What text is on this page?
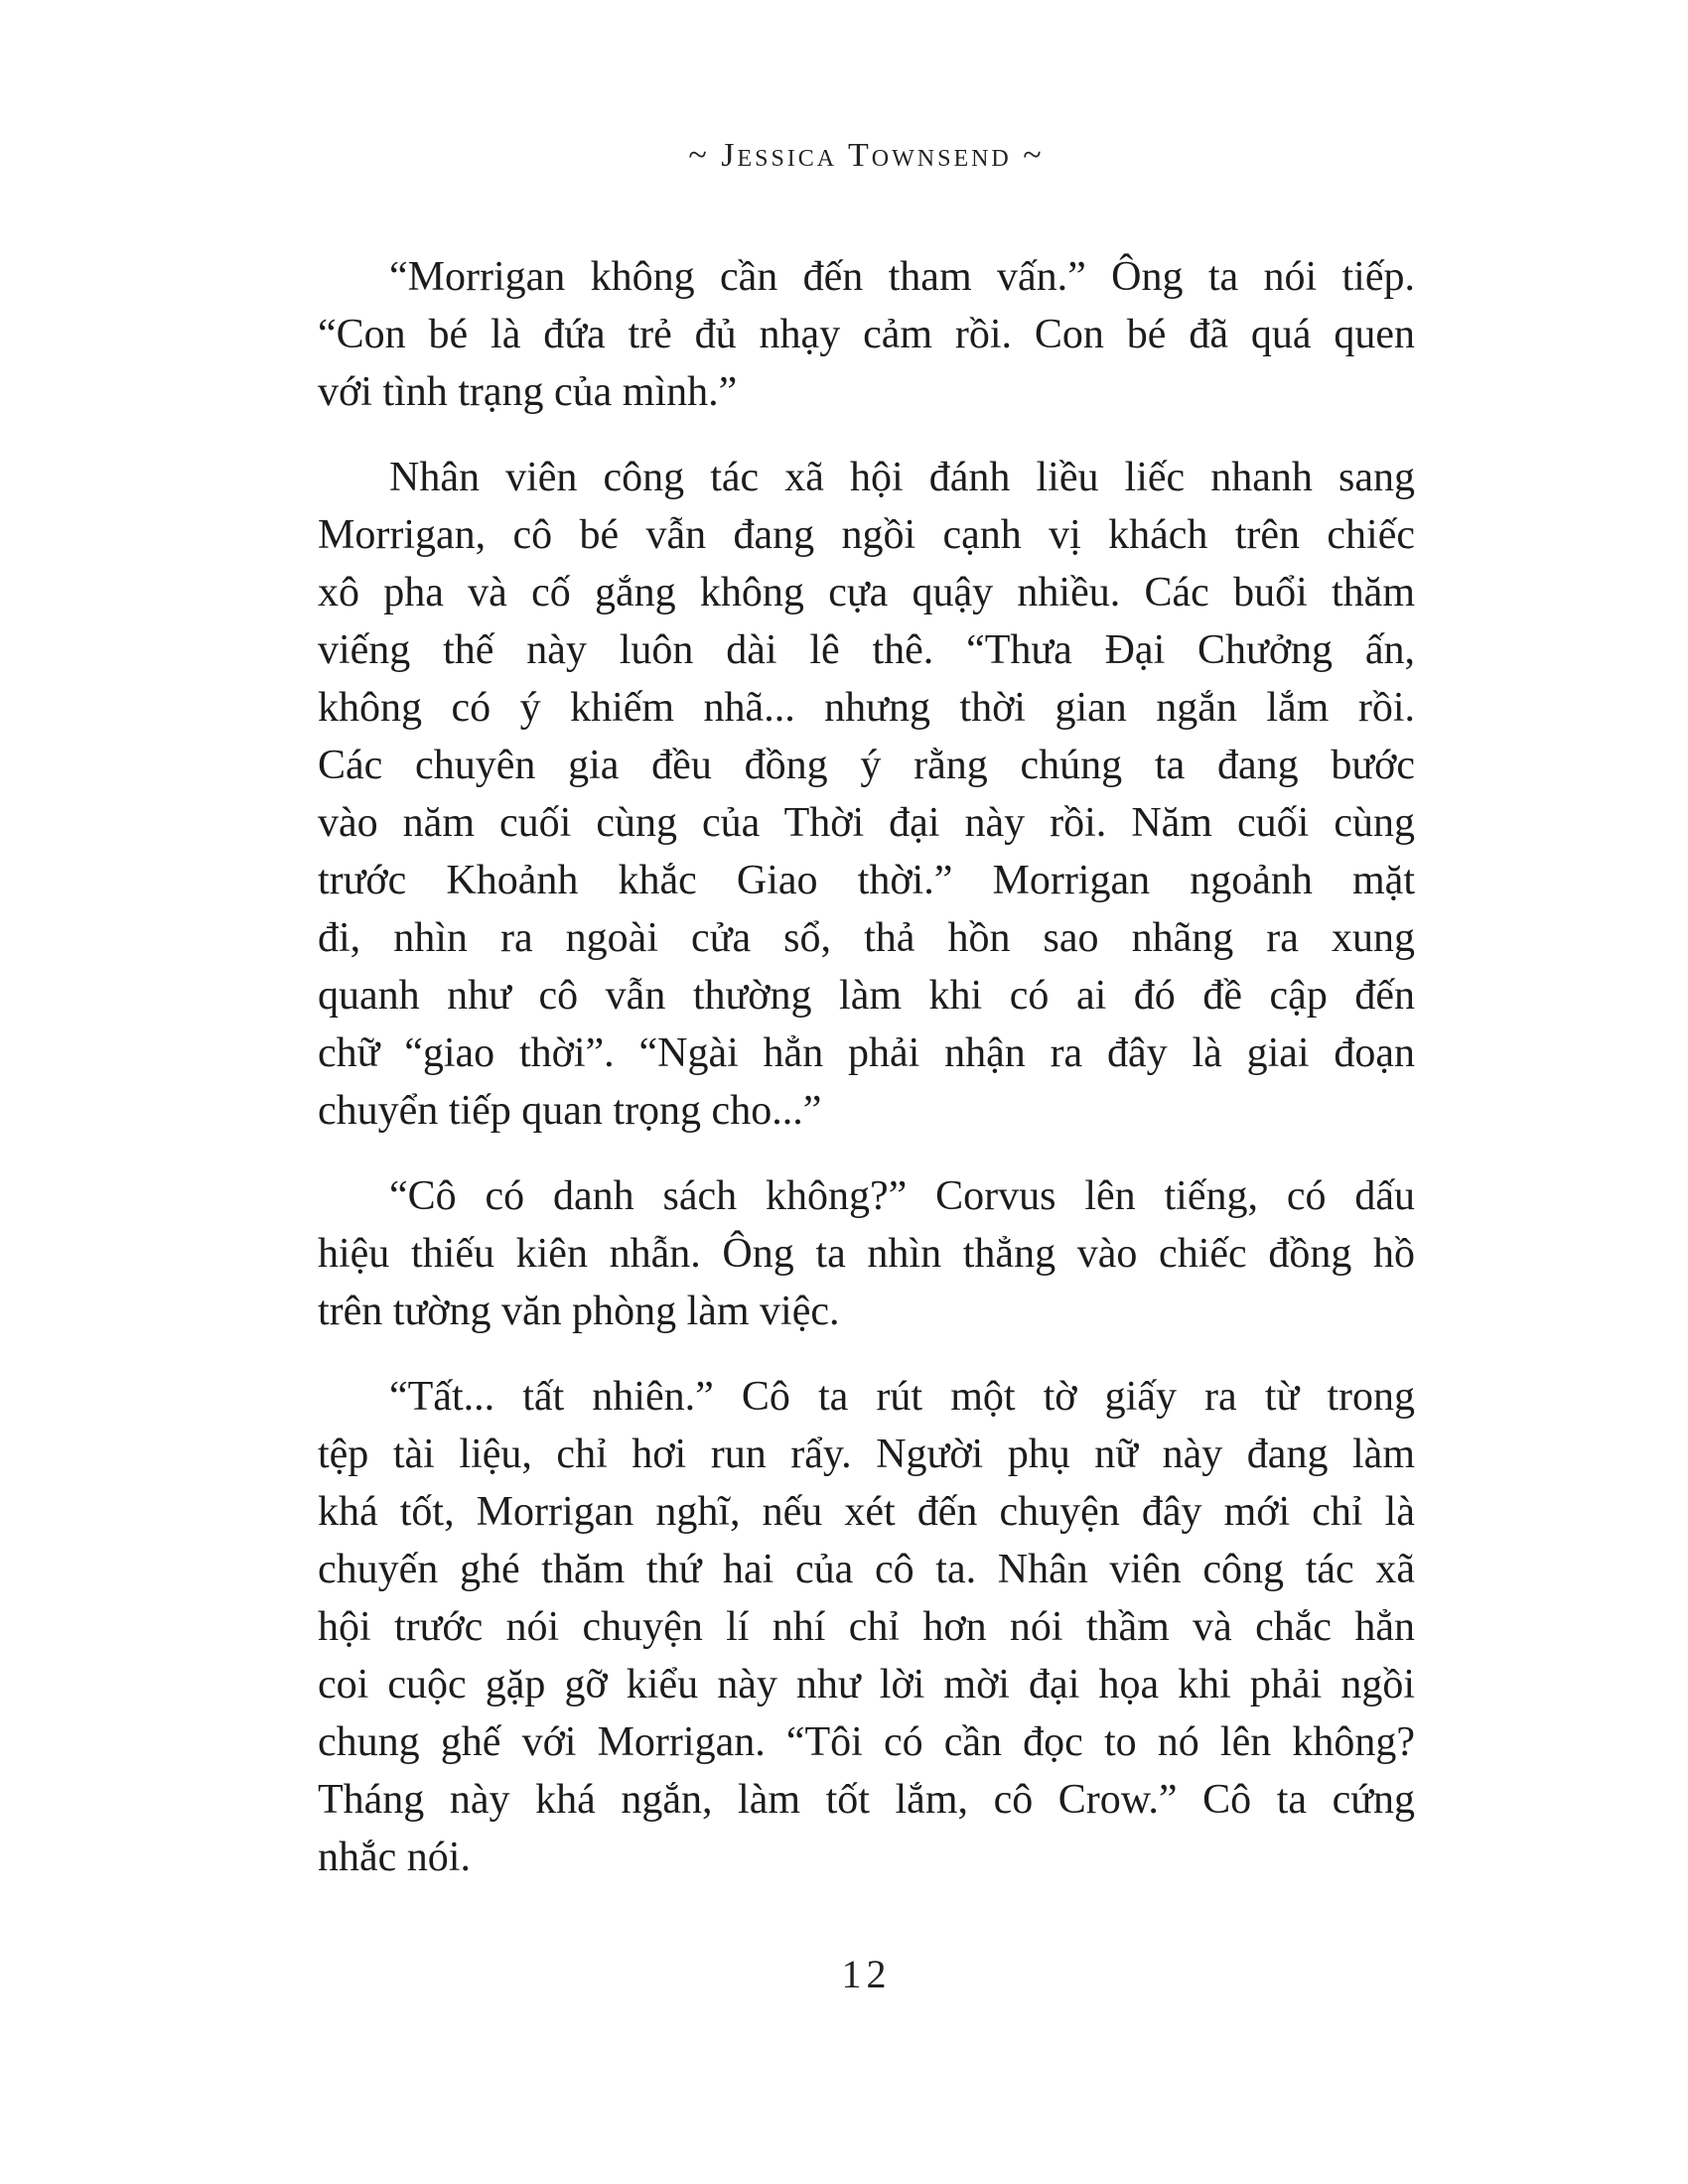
~ Jessica Townsend ~
“Morrigan không cần đến tham vấn.” Ông ta nói tiếp.
“Con bé là đứa trẻ đủ nhạy cảm rồi. Con bé đã quá quen
với tình trạng của mình.”
Nhân viên công tác xã hội đánh liều liếc nhanh sang
Morrigan, cô bé vẫn đang ngồi cạnh vị khách trên chiếc
xô pha và cố gắng không cựa quậy nhiều. Các buổi thăm
viếng thế này luôn dài lê thê. “Thưa Đại Chưởng ấn,
không có ý khiếm nhã... nhưng thời gian ngắn lắm rồi.
Các chuyên gia đều đồng ý rằng chúng ta đang bước
vào năm cuối cùng của Thời đại này rồi. Năm cuối cùng
trước Khoảnh khắc Giao thời.” Morrigan ngoảnh mặt
đi, nhìn ra ngoài cửa sổ, thả hồn sao nhãng ra xung
quanh như cô vẫn thường làm khi có ai đó đề cập đến
chữ “giao thời”. “Ngài hẳn phải nhận ra đây là giai đoạn
chuyển tiếp quan trọng cho...”
“Cô có danh sách không?” Corvus lên tiếng, có dấu
hiệu thiếu kiên nhẫn. Ông ta nhìn thẳng vào chiếc đồng hồ
trên tường văn phòng làm việc.
“Tất... tất nhiên.” Cô ta rút một tờ giấy ra từ trong
tệp tài liệu, chỉ hơi run rẩy. Người phụ nữ này đang làm
khá tốt, Morrigan nghĩ, nếu xét đến chuyện đây mới chỉ là
chuyến ghé thăm thứ hai của cô ta. Nhân viên công tác xã
hội trước nói chuyện lí nhí chỉ hơn nói thầm và chắc hẳn
coi cuộc gặp gỡ kiểu này như lời mời đại họa khi phải ngồi
chung ghế với Morrigan. “Tôi có cần đọc to nó lên không?
Tháng này khá ngắn, làm tốt lắm, cô Crow.” Cô ta cứng
nhắc nói.
12
